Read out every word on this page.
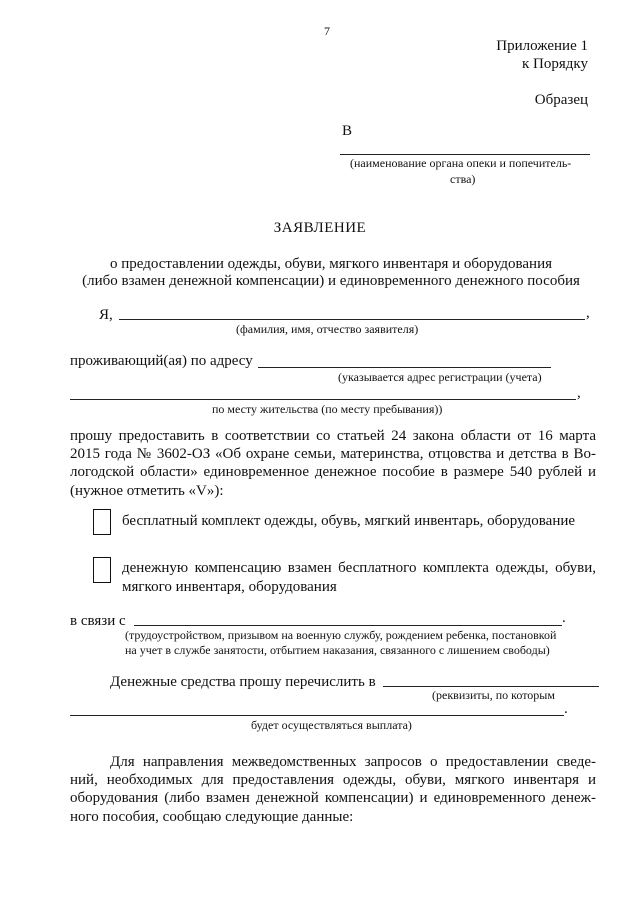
7
Приложение 1
к Порядку
Образец
В
(наименование органа опеки и попечитель-
ства)
ЗАЯВЛЕНИЕ
о предоставлении одежды, обуви, мягкого инвентаря и оборудования
(либо взамен денежной компенсации) и единовременного денежного пособия
Я,	,
(фамилия, имя, отчество заявителя)
проживающий(ая) по адресу
(указывается адрес регистрации (учета)
,
по месту жительства (по месту пребывания))
прошу предоставить в соответствии со статьей 24 закона области от 16 марта
2015 года № 3602-ОЗ «Об охране семьи, материнства, отцовства и детства в Во-
логодской области» единовременное денежное пособие в размере 540 рублей и
(нужное отметить «V»):
бесплатный комплект одежды, обувь, мягкий инвентарь, оборудование
денежную компенсацию взамен бесплатного комплекта одежды, обуви,
мягкого инвентаря, оборудования
в связи с	.
(трудоустройством, призывом на военную службу, рождением ребенка, постановкой
на учет в службе занятости, отбытием наказания, связанного с лишением свободы)
Денежные средства прошу перечислить в
(реквизиты, по которым
.
будет осуществляться выплата)
Для направления межведомственных запросов о предоставлении сведе-
ний, необходимых для предоставления одежды, обуви, мягкого инвентаря и
оборудования (либо взамен денежной компенсации) и единовременного денеж-
ного пособия, сообщаю следующие данные:
